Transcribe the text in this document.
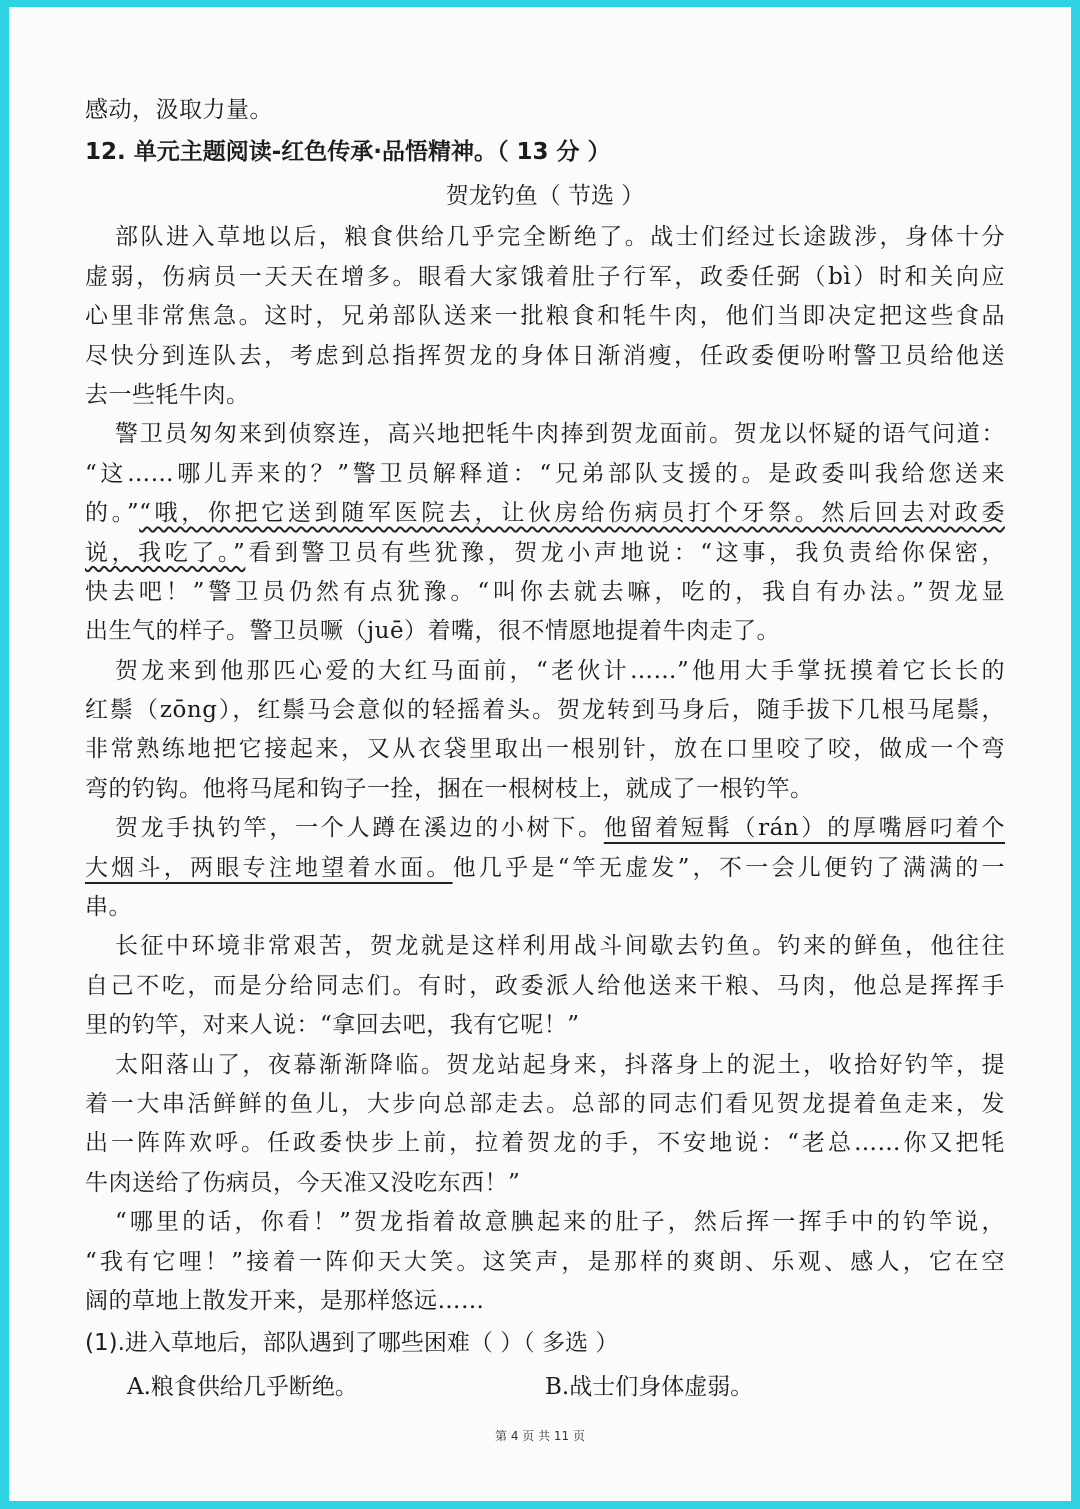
感动，汲取力量。
12. 单元主题阅读-红色传承·品悟精神。（ 13 分 ）
贺龙钓鱼（ 节选 ）
部队进入草地以后，粮食供给几乎完全断绝了。战士们经过长途跋涉，身体十分
虚弱，伤病员一天天在增多。眼看大家饿着肚子行军，政委任弼（bì）时和关向应
心里非常焦急。这时，兄弟部队送来一批粮食和牦牛肉，他们当即决定把这些食品
尽快分到连队去，考虑到总指挥贺龙的身体日渐消瘦，任政委便吩咐警卫员给他送
去一些牦牛肉。
警卫员匆匆来到侦察连，高兴地把牦牛肉捧到贺龙面前。贺龙以怀疑的语气问道：
“这……哪儿弄来的？”警卫员解释道：“兄弟部队支援的。是政委叫我给您送来
的。”“哦，你把它送到随军医院去，让伙房给伤病员打个牙祭。然后回去对政委
说，我吃了。”看到警卫员有些犹豫，贺龙小声地说：“这事，我负责给你保密，
快去吧！”警卫员仍然有点犹豫。“叫你去就去嘛，吃的，我自有办法。”贺龙显
出生气的样子。警卫员噘（juē）着嘴，很不情愿地提着牛肉走了。
贺龙来到他那匹心爱的大红马面前，“老伙计……”他用大手掌抚摸着它长长的
红鬃（zōng），红鬃马会意似的轻摇着头。贺龙转到马身后，随手拔下几根马尾鬃，
非常熟练地把它接起来，又从衣袋里取出一根别针，放在口里咬了咬，做成一个弯
弯的钓钩。他将马尾和钩子一拴，捆在一根树枝上，就成了一根钓竿。
贺龙手执钓竿，一个人蹲在溪边的小树下。他留着短髯（rán）的厚嘴唇叼着个
大烟斗，两眼专注地望着水面。他几乎是“竿无虚发”，不一会儿便钓了满满的一
串。
长征中环境非常艰苦，贺龙就是这样利用战斗间歇去钓鱼。钓来的鲜鱼，他往往
自己不吃，而是分给同志们。有时，政委派人给他送来干粮、马肉，他总是挥挥手
里的钓竿，对来人说：“拿回去吧，我有它呢！”
太阳落山了，夜幕渐渐降临。贺龙站起身来，抖落身上的泥土，收拾好钓竿，提
着一大串活鲜鲜的鱼儿，大步向总部走去。总部的同志们看见贺龙提着鱼走来，发
出一阵阵欢呼。任政委快步上前，拉着贺龙的手，不安地说：“老总……你又把牦
牛肉送给了伤病员，今天准又没吃东西！”
“哪里的话，你看！”贺龙指着故意腆起来的肚子，然后挥一挥手中的钓竿说，
“我有它哩！”接着一阵仰天大笑。这笑声，是那样的爽朗、乐观、感人，它在空
阔的草地上散发开来，是那样悠远……
(1).进入草地后，部队遇到了哪些困难（ ）（ 多选 ）
A.粮食供给几乎断绝。	B.战士们身体虚弱。
第 4 页 共 11 页
